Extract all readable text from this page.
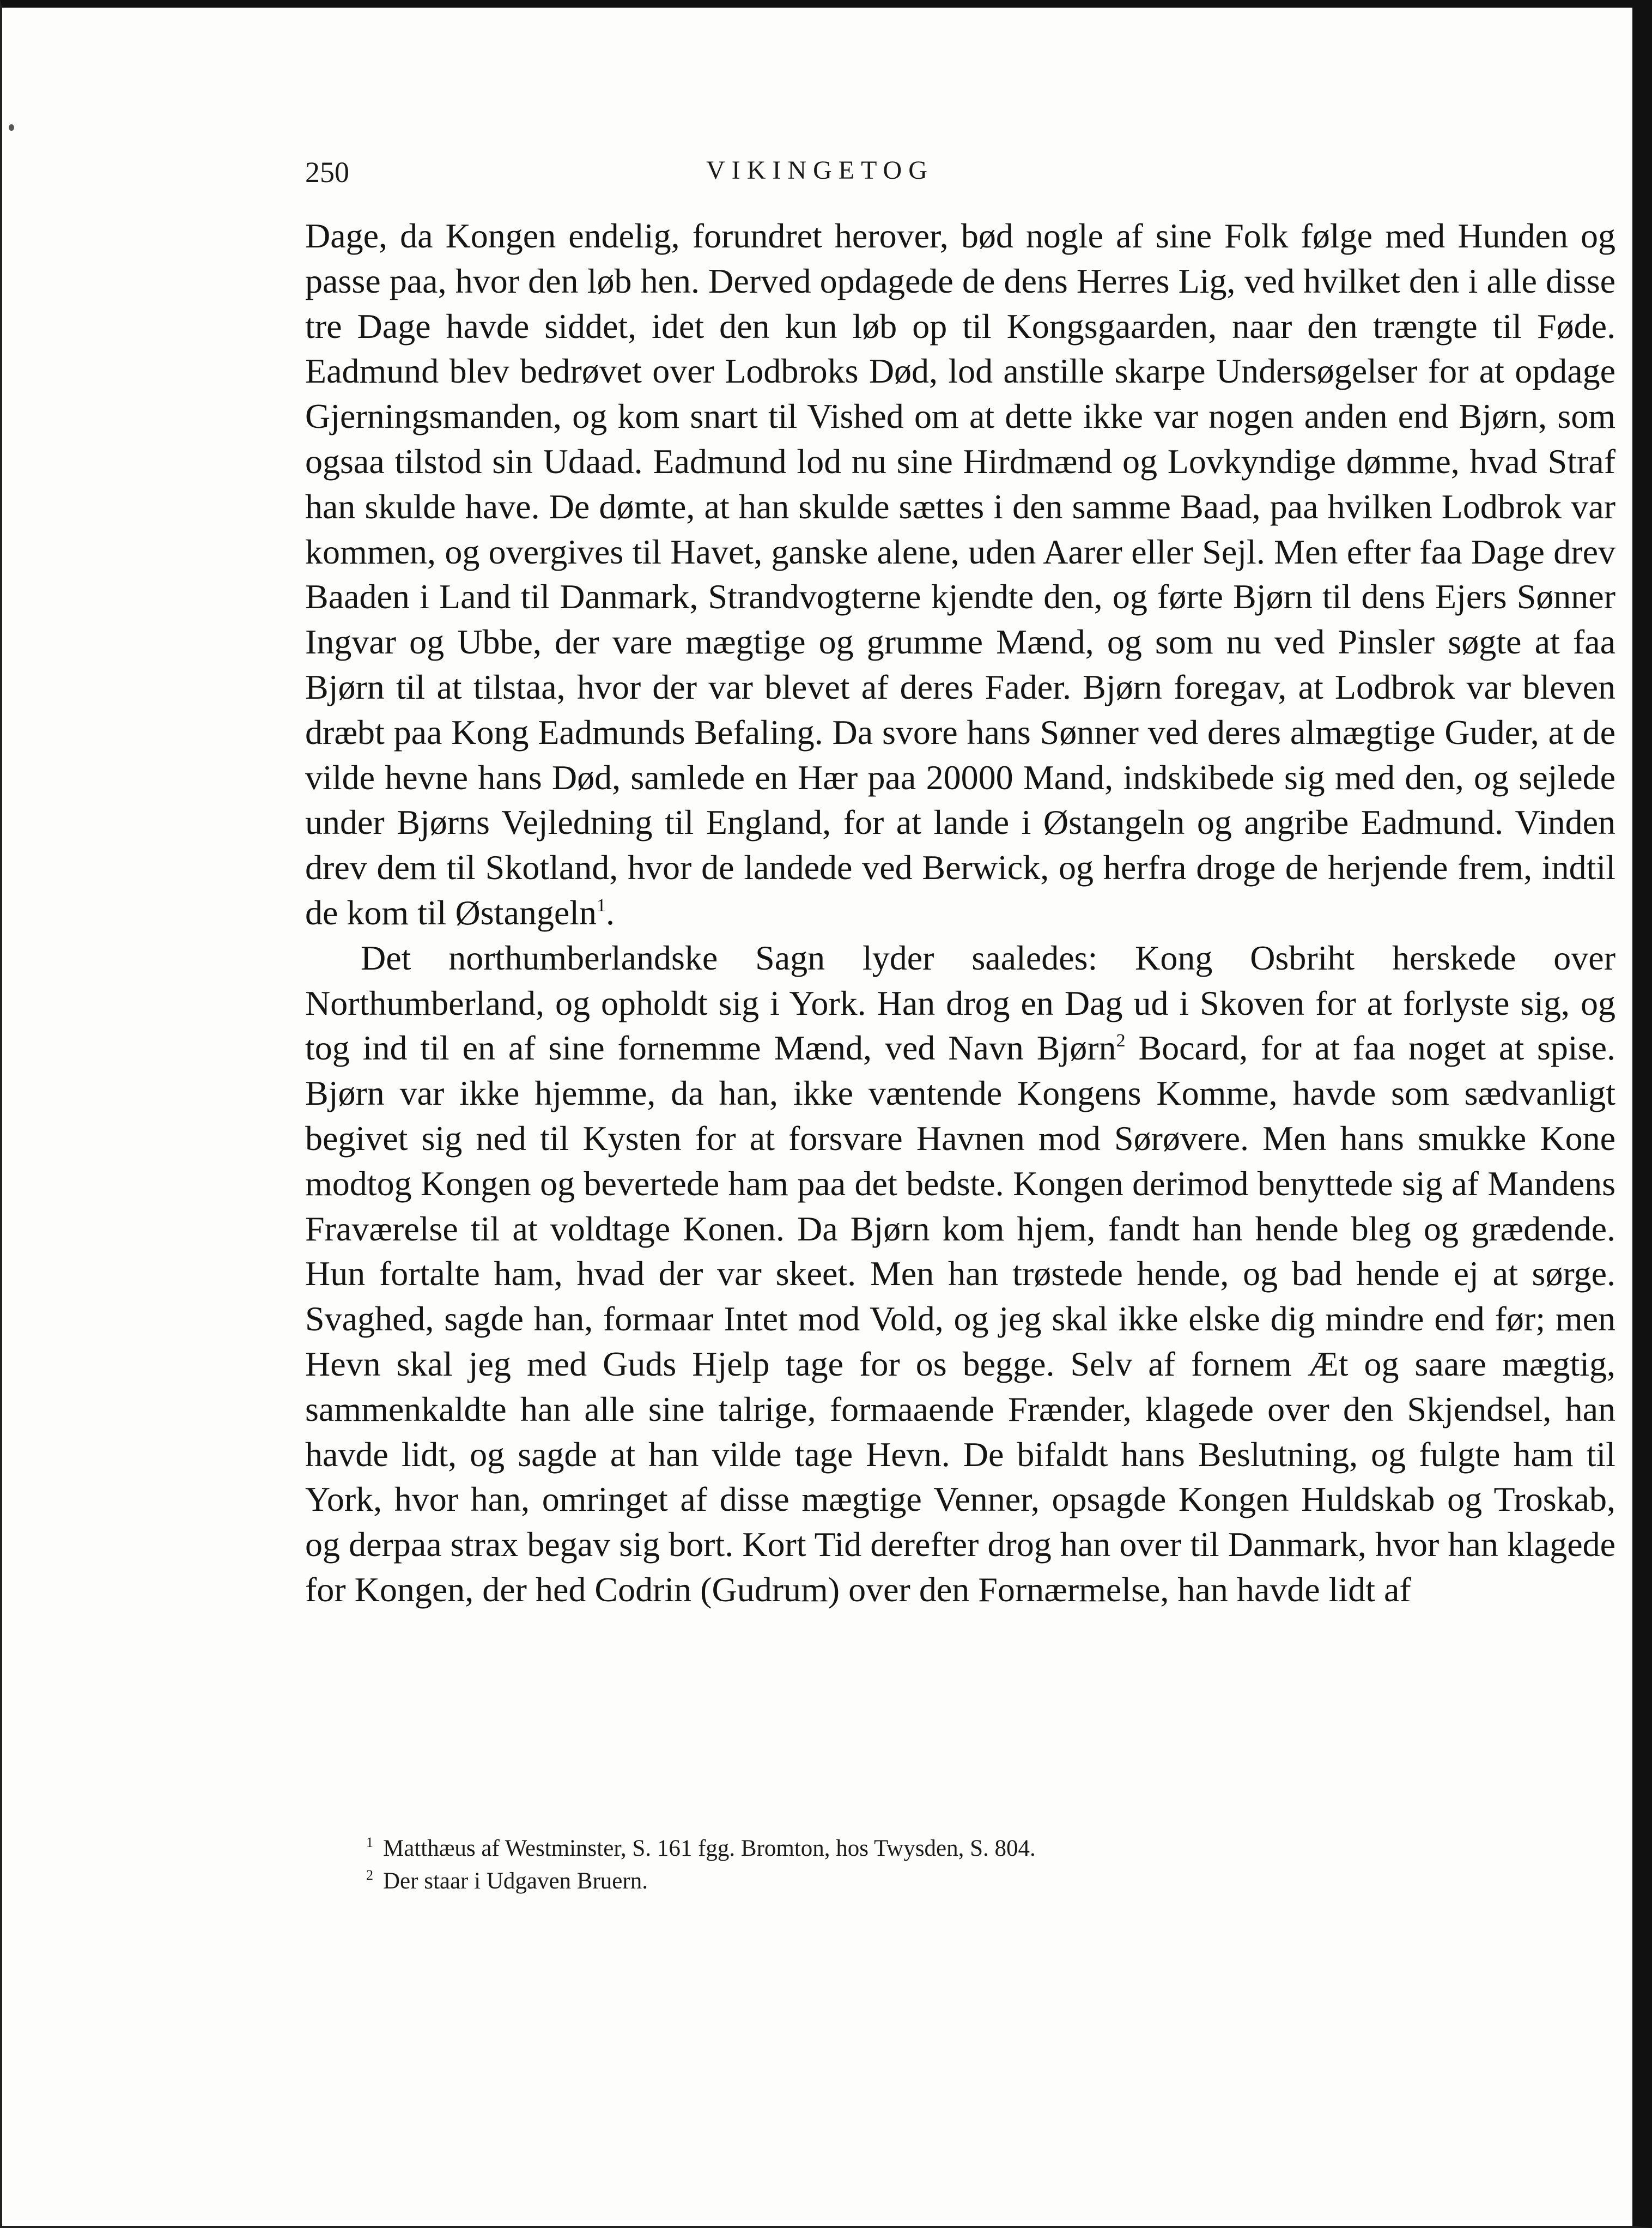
250	VIKINGETOG

Dage, da Kongen endelig, forundret herover, bød nogle af sine Folk følge med Hunden og passe paa, hvor den løb hen. Derved opdagede de dens Herres Lig, ved hvilket den i alle disse tre Dage havde siddet, idet den kun løb op til Kongsgaarden, naar den trængte til Føde. Eadmund blev bedrøvet over Lodbroks Død, lod anstille skarpe Undersøgelser for at opdage Gjerningsmanden, og kom snart til Vished om at dette ikke var nogen anden end Bjørn, som ogsaa tilstod sin Udaad. Eadmund lod nu sine Hirdmænd og Lovkyndige dømme, hvad Straf han skulde have. De dømte, at han skulde sættes i den samme Baad, paa hvilken Lodbrok var kommen, og overgives til Havet, ganske alene, uden Aarer eller Sejl. Men efter faa Dage drev Baaden i Land til Danmark, Strandvogterne kjendte den, og førte Bjørn til dens Ejers Sønner Ingvar og Ubbe, der vare mægtige og grumme Mænd, og som nu ved Pinsler søgte at faa Bjørn til at tilstaa, hvor der var blevet af deres Fader. Bjørn foregav, at Lodbrok var bleven dræbt paa Kong Eadmunds Befaling. Da svore hans Sønner ved deres almægtige Guder, at de vilde hevne hans Død, samlede en Hær paa 20000 Mand, indskibede sig med den, og sejlede under Bjørns Vejledning til England, for at lande i Østangeln og angribe Eadmund. Vinden drev dem til Skotland, hvor de landede ved Berwick, og herfra droge de herjende frem, indtil de kom til Østangeln$^1$.

Det northumberlandske Sagn lyder saaledes: Kong Osbriht herskede over Northumberland, og opholdt sig i York. Han drog en Dag ud i Skoven for at forlyste sig, og tog ind til en af sine fornemme Mænd, ved Navn Bjørn$^2$ Bocard, for at faa noget at spise. Bjørn var ikke hjemme, da han, ikke væntende Kongens Komme, havde som sædvanligt begivet sig ned til Kysten for at forsvare Havnen mod Sørøvere. Men hans smukke Kone modtog Kongen og bevertede ham paa det bedste. Kongen derimod benyttede sig af Mandens Fraværelse til at voldtage Konen. Da Bjørn kom hjem, fandt han hende bleg og grædende. Hun fortalte ham, hvad der var skeet. Men han trøstede hende, og bad hende ej at sørge. Svaghed, sagde han, formaar Intet mod Vold, og jeg skal ikke elske dig mindre end før; men Hevn skal jeg med Guds Hjelp tage for os begge. Selv af fornem Æt og saare mægtig, sammenkaldte han alle sine talrige, formaaende Frænder, klagede over den Skjendsel, han havde lidt, og sagde at han vilde tage Hevn. De bifaldt hans Beslutning, og fulgte ham til York, hvor han, omringet af disse mægtige Venner, opsagde Kongen Huldskab og Troskab, og derpaa strax begav sig bort. Kort Tid derefter drog han over til Danmark, hvor han klagede for Kongen, der hed Codrin (Gudrum) over den Fornærmelse, han havde lidt af

$^1$ Matthæus af Westminster, S. 161 fgg. Bromton, hos Twysden, S. 804.

$^2$ Der staar i Udgaven Bruern.
